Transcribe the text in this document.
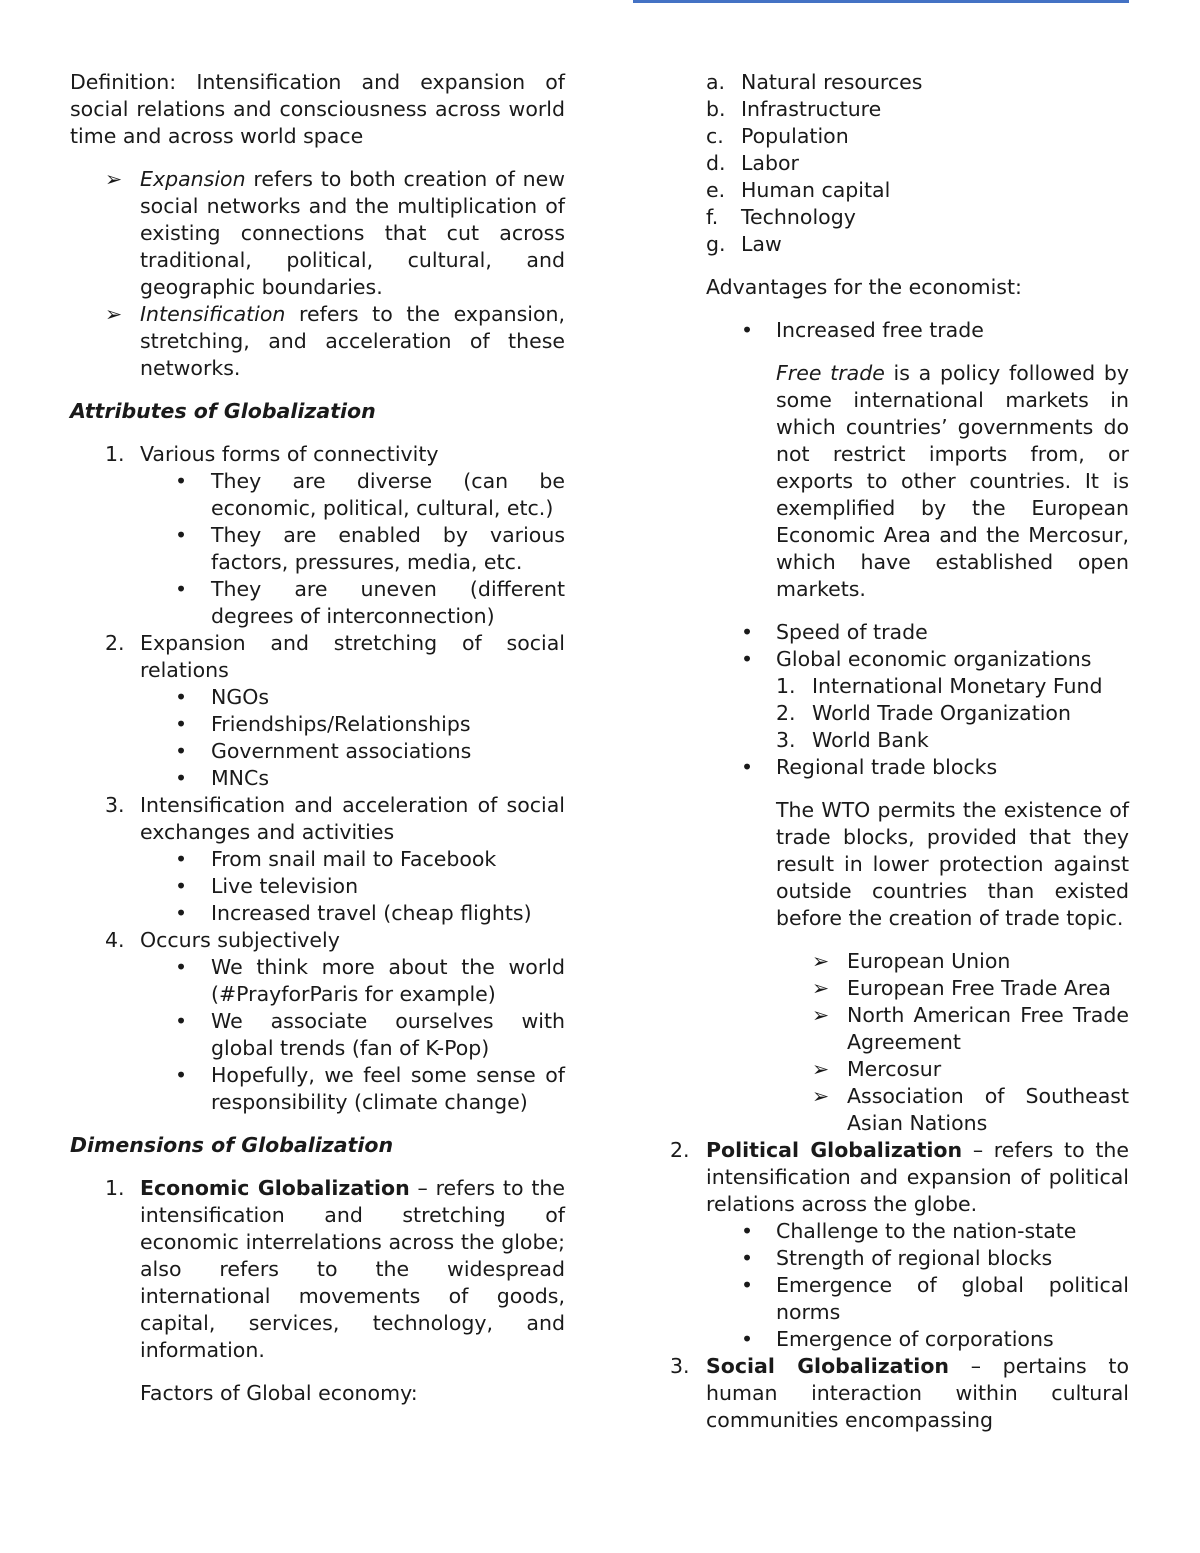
Definition: Intensification and expansion of social relations and consciousness across world time and across world space

➢ Expansion refers to both creation of new social networks and the multiplication of existing connections that cut across traditional, political, cultural, and geographic boundaries.
➢ Intensification refers to the expansion, stretching, and acceleration of these networks.

Attributes of Globalization

1. Various forms of connectivity
• They are diverse (can be economic, political, cultural, etc.)
• They are enabled by various factors, pressures, media, etc.
• They are uneven (different degrees of interconnection)
2. Expansion and stretching of social relations
• NGOs
• Friendships/Relationships
• Government associations
• MNCs
3. Intensification and acceleration of social exchanges and activities
• From snail mail to Facebook
• Live television
• Increased travel (cheap flights)
4. Occurs subjectively
• We think more about the world (#PrayforParis for example)
• We associate ourselves with global trends (fan of K-Pop)
• Hopefully, we feel some sense of responsibility (climate change)

Dimensions of Globalization

1. Economic Globalization – refers to the intensification and stretching of economic interrelations across the globe; also refers to the widespread international movements of goods, capital, services, technology, and information.

Factors of Global economy:

a. Natural resources
b. Infrastructure
c. Population
d. Labor
e. Human capital
f. Technology
g. Law

Advantages for the economist:

• Increased free trade

Free trade is a policy followed by some international markets in which countries’ governments do not restrict imports from, or exports to other countries. It is exemplified by the European Economic Area and the Mercosur, which have established open markets.

• Speed of trade
• Global economic organizations
1. International Monetary Fund
2. World Trade Organization
3. World Bank
• Regional trade blocks

The WTO permits the existence of trade blocks, provided that they result in lower protection against outside countries than existed before the creation of trade topic.

➢ European Union
➢ European Free Trade Area
➢ North American Free Trade Agreement
➢ Mercosur
➢ Association of Southeast Asian Nations
2. Political Globalization – refers to the intensification and expansion of political relations across the globe.
• Challenge to the nation-state
• Strength of regional blocks
• Emergence of global political norms
• Emergence of corporations
3. Social Globalization – pertains to human interaction within cultural communities encompassing
